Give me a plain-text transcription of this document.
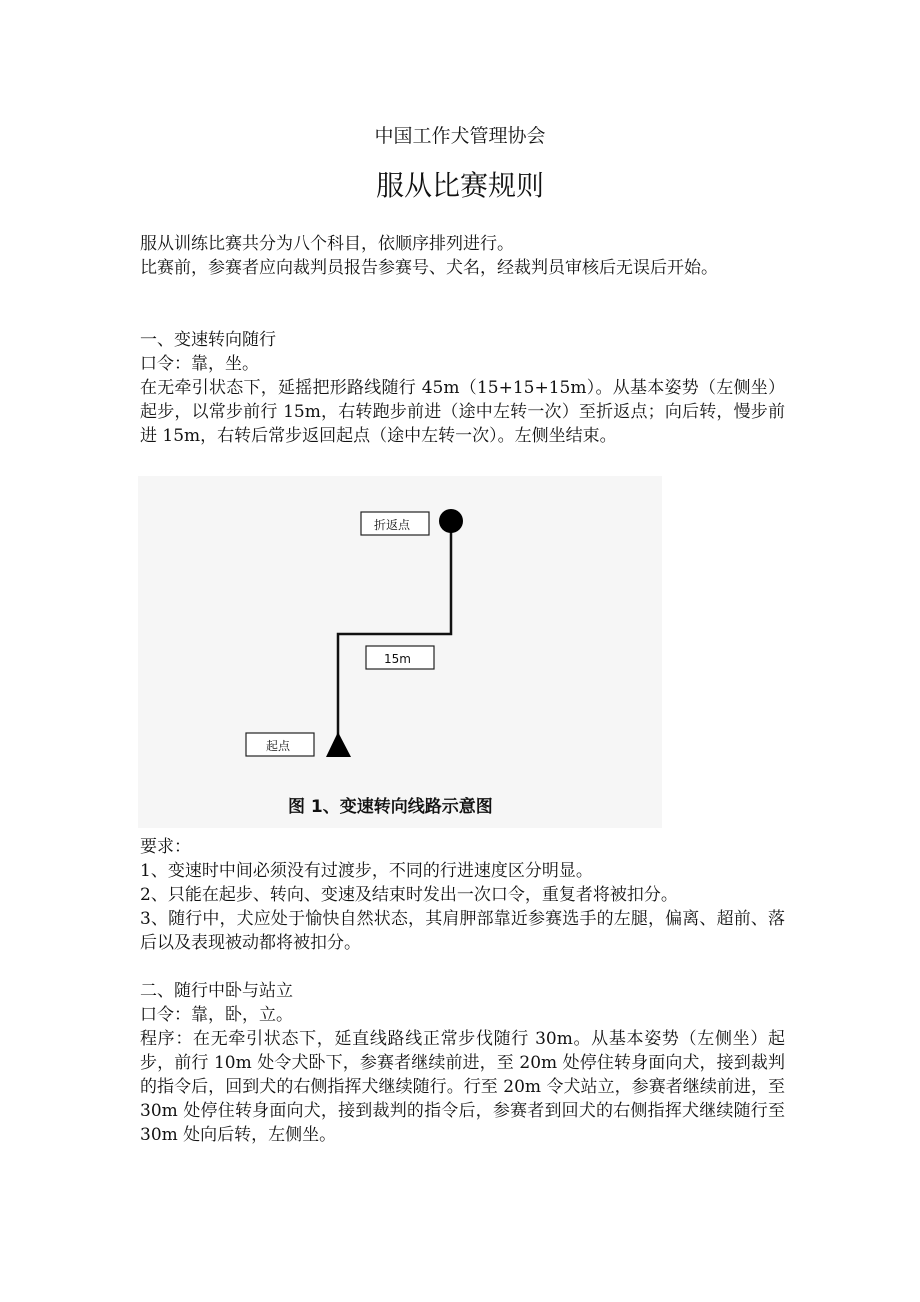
中国工作犬管理协会
服从比赛规则

服从训练比赛共分为八个科目，依顺序排列进行。

比赛前，参赛者应向裁判员报告参赛号、犬名，经裁判员审核后无误后开始。

一、变速转向随行

口令：靠，坐。

在无牵引状态下，延摇把形路线随行 45m（15+15+15m）。从基本姿势（左侧坐）起步，以常步前行 15m，右转跑步前进（途中左转一次）至折返点；向后转，慢步前进 15m，右转后常步返回起点（途中左转一次）。左侧坐结束。

折返点
15m
起点
图 1、变速转向线路示意图

要求：

1、变速时中间必须没有过渡步，不同的行进速度区分明显。

2、只能在起步、转向、变速及结束时发出一次口令，重复者将被扣分。

3、随行中，犬应处于愉快自然状态，其肩胛部靠近参赛选手的左腿，偏离、超前、落后以及表现被动都将被扣分。

二、随行中卧与站立

口令：靠，卧，立。

程序：在无牵引状态下，延直线路线正常步伐随行 30m。从基本姿势（左侧坐）起步，前行 10m 处令犬卧下，参赛者继续前进，至 20m 处停住转身面向犬，接到裁判的指令后，回到犬的右侧指挥犬继续随行。行至 20m 令犬站立，参赛者继续前进，至 30m 处停住转身面向犬，接到裁判的指令后，参赛者到回犬的右侧指挥犬继续随行至 30m 处向后转，左侧坐。
